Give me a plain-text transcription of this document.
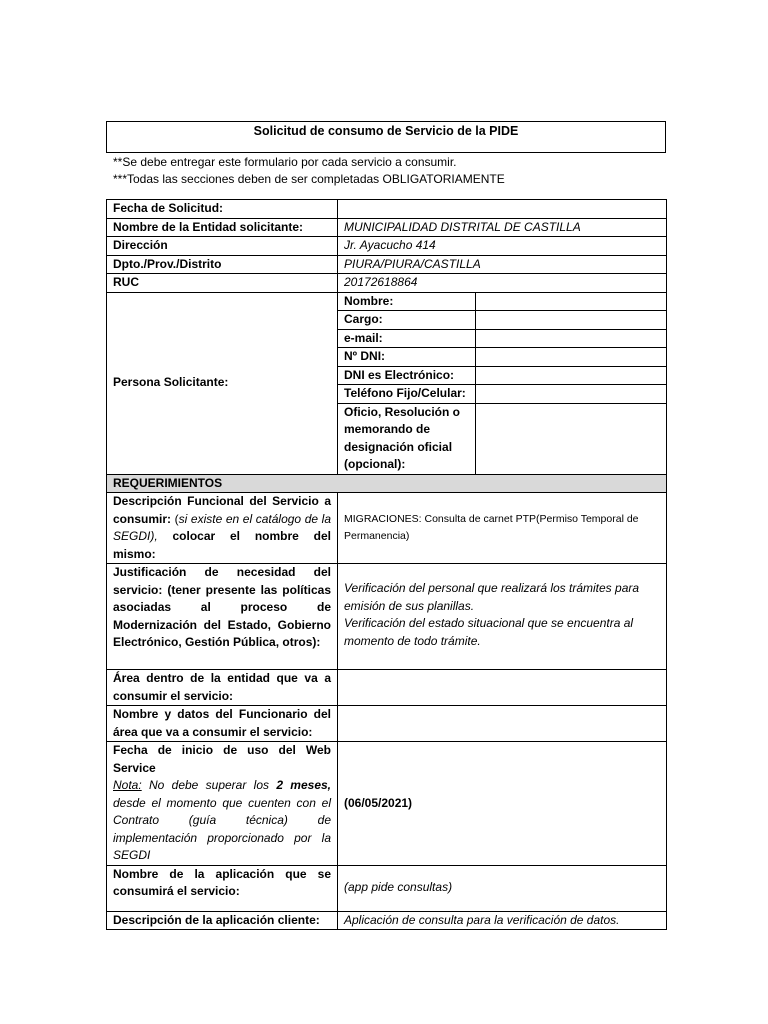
Solicitud de consumo de Servicio de la PIDE
**Se debe entregar este formulario por cada servicio a consumir.
***Todas las secciones deben de ser completadas OBLIGATORIAMENTE
Fecha de Solicitud:		
Nombre de la Entidad solicitante:	MUNICIPALIDAD DISTRITAL DE CASTILLA	
Dirección	Jr. Ayacucho 414	
Dpto./Prov./Distrito	PIURA/PIURA/CASTILLA	
RUC	20172618864	
Persona Solicitante:	Nombre:	
	Cargo:	
	e-mail:	
	Nº DNI:	
	DNI es Electrónico:	
	Teléfono Fijo/Celular:	
	Oficio, Resolución o memorando de designación oficial (opcional):	
REQUERIMIENTOS		
Descripción Funcional del Servicio a consumir: (si existe en el catálogo de la SEGDI), colocar el nombre del mismo:	MIGRACIONES: Consulta de carnet PTP(Permiso Temporal de Permanencia)	
Justificación de necesidad del servicio: (tener presente las políticas asociadas al proceso de Modernización del Estado, Gobierno Electrónico, Gestión Pública, otros):	Verificación del personal que realizará los trámites para emisión de sus planillas.
Verificación del estado situacional que se encuentra al momento de todo trámite.	

Área dentro de la entidad que va a consumir el servicio:		
Nombre y datos del Funcionario del área que va a consumir el servicio:		
Fecha de inicio de uso del Web Service
Nota: No debe superar los 2 meses, desde el momento que cuenten con el Contrato (guía técnica) de implementación proporcionado por la SEGDI	(06/05/2021)	
Nombre de la aplicación que se consumirá el servicio:	(app pide consultas)	
Descripción de la aplicación cliente:	Aplicación de consulta para la verificación de datos.	
